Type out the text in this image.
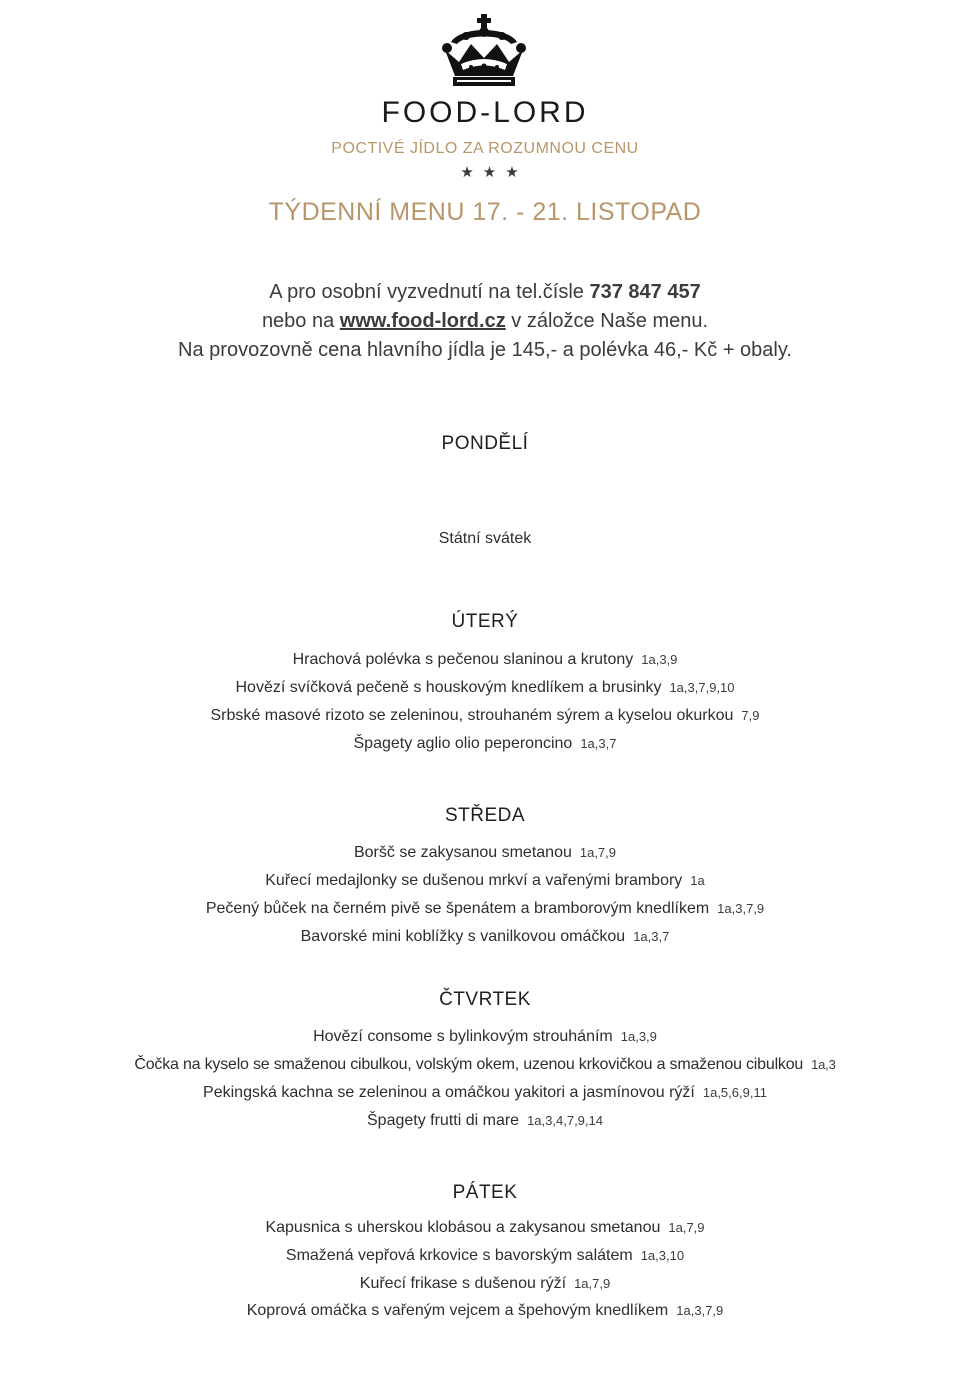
FOOD-LORD
POCTIVÉ JÍDLO ZA ROZUMNOU CENU
★★★
TÝDENNÍ MENU 17. - 21. LISTOPAD
A pro osobní vyzvednutí na tel.čísle 737 847 457
nebo na www.food-lord.cz v záložce Naše menu.
Na provozovně cena hlavního jídla je 145,- a polévka 46,- Kč + obaly.
PONDĚLÍ
Státní svátek
ÚTERÝ
Hrachová polévka s pečenou slaninou a krutony 1a,3,9
Hovězí svíčková pečeně s houskovým knedlíkem a brusinky 1a,3,7,9,10
Srbské masové rizoto se zeleninou, strouhaném sýrem a kyselou okurkou 7,9
Špagety aglio olio peperoncino 1a,3,7
STŘEDA
Boršč se zakysanou smetanou 1a,7,9
Kuřecí medajlonky se dušenou mrkví a vařenými brambory 1a
Pečený bůček na černém pivě se špenátem a bramborovým knedlíkem 1a,3,7,9
Bavorské mini koblížky s vanilkovou omáčkou 1a,3,7
ČTVRTEK
Hovězí consome s bylinkovým strouháním 1a,3,9
Čočka na kyselo se smaženou cibulkou, volským okem, uzenou krkovičkou a smaženou cibulkou 1a,3
Pekingská kachna se zeleninou a omáčkou yakitori a jasmínovou rýží 1a,5,6,9,11
Špagety frutti di mare 1a,3,4,7,9,14
PÁTEK
Kapusnica s uherskou klobásou a zakysanou smetanou 1a,7,9
Smažená vepřová krkovice s bavorským salátem 1a,3,10
Kuřecí frikase s dušenou rýží 1a,7,9
Koprová omáčka s vařeným vejcem a špehovým knedlíkem 1a,3,7,9
